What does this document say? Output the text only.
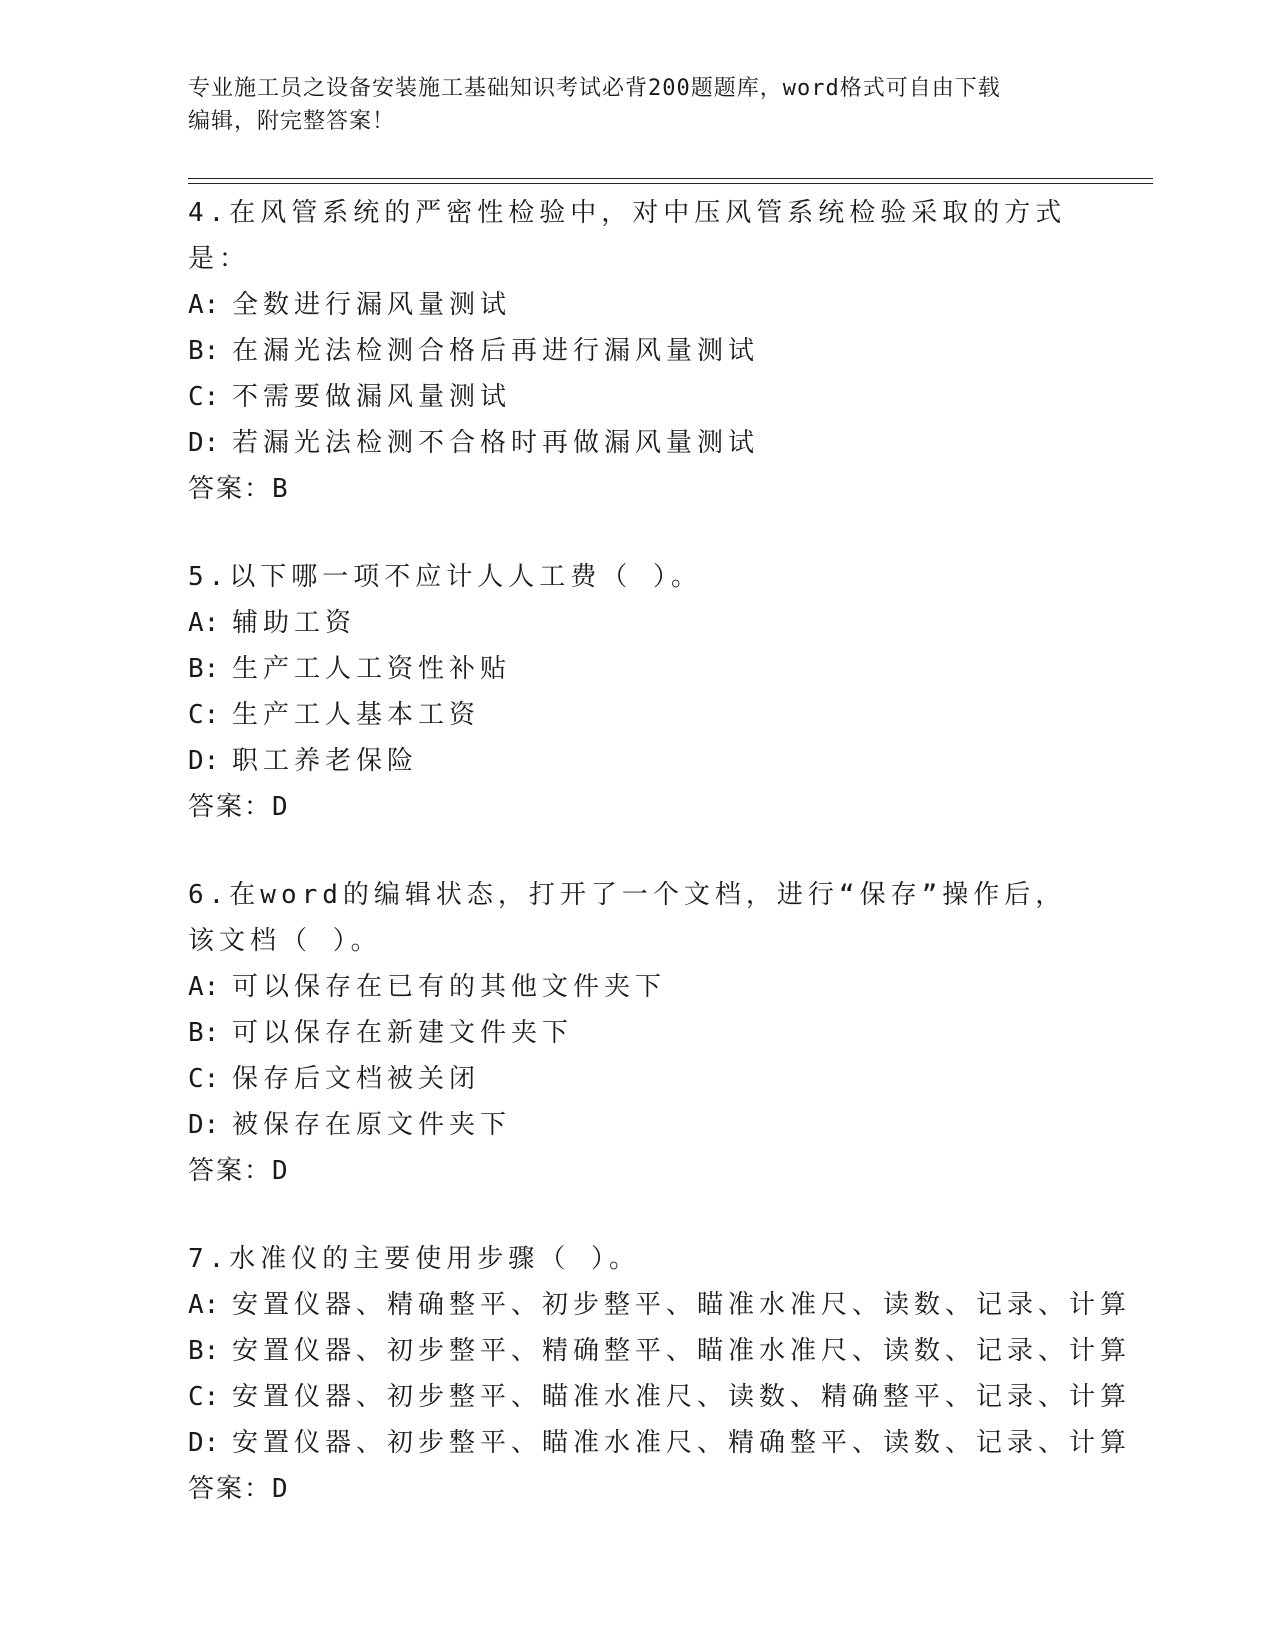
专业施工员之设备安装施工基础知识考试必背200题题库，word格式可自由下载
编辑，附完整答案！

4.在风管系统的严密性检验中，对中压风管系统检验采取的方式是：

A: 全数进行漏风量测试

B: 在漏光法检测合格后再进行漏风量测试

C: 不需要做漏风量测试

D: 若漏光法检测不合格时再做漏风量测试

答案：B

5.以下哪一项不应计人人工费（ ）。

A: 辅助工资

B: 生产工人工资性补贴

C: 生产工人基本工资

D: 职工养老保险

答案：D

6.在word的编辑状态，打开了一个文档，进行“保存”操作后，该文档（ ）。

A: 可以保存在已有的其他文件夹下

B: 可以保存在新建文件夹下

C: 保存后文档被关闭

D: 被保存在原文件夹下

答案：D

7.水准仪的主要使用步骤（ ）。

A: 安置仪器、精确整平、初步整平、瞄准水准尺、读数、记录、计算

B: 安置仪器、初步整平、精确整平、瞄准水准尺、读数、记录、计算

C: 安置仪器、初步整平、瞄准水准尺、读数、精确整平、记录、计算

D: 安置仪器、初步整平、瞄准水准尺、精确整平、读数、记录、计算

答案：D
